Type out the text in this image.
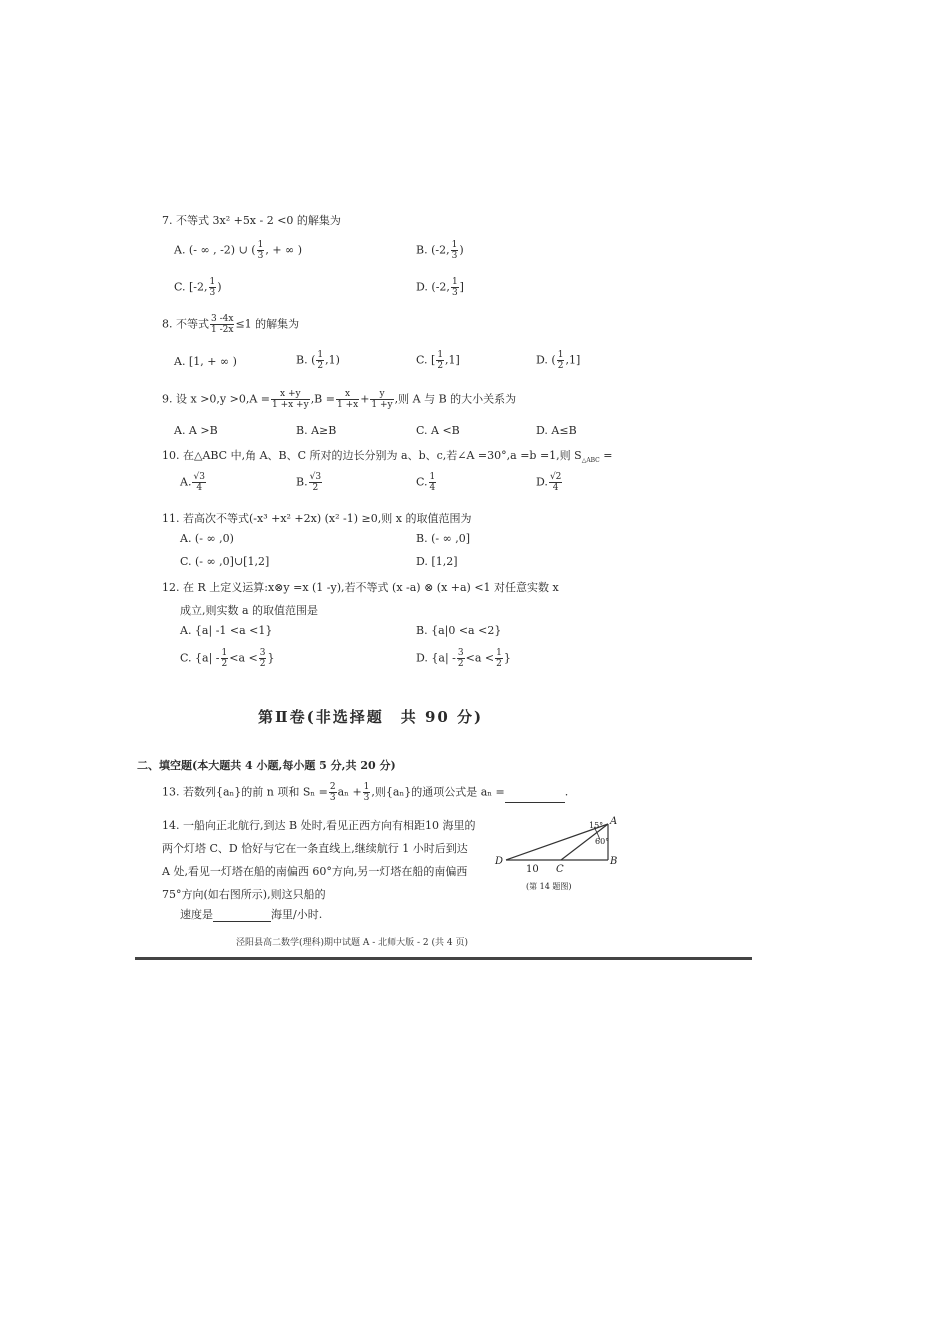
7. 不等式 3x² +5x - 2 <0 的解集为
A. (- ∞ , -2) ∪ ( $\frac{1}{3}$ , + ∞ )	B. (-2, $\frac{1}{3}$ )
C. [-2, $\frac{1}{3}$ )	D. (-2, $\frac{1}{3}$ ]
8. 不等式 $\frac{3 -4x}{1 -2x} \le 1$ 的解集为
A. [1, + ∞ )	B. ( $\frac{1}{2} ,1$)	C. [ $\frac{1}{2} ,1$]	D. ( $\frac{1}{2} ,1$]
9. 设 $x >0,y >0,A = \frac{x +y}{1 +x +y} ,B = \frac{x}{1 +x} + \frac{y}{1 +y}$ ,则 A 与 B 的大小关系为
A. A >B	B. A≥B	C. A <B	D. A≤B
10. 在△ABC 中,角 A、B、C 所对的边长分别为 a、b、c,若∠A =30°,a =b =1,则 $S_{\triangle ABC}$ =
A. $\frac{√3}{4}$	B. $\frac{√3}{2}$	C. $\frac{1}{4}$	D. $\frac{√2}{4}$
11. 若高次不等式(-x³ +x² +2x) (x² -1) ≥0,则 x 的取值范围为
A. (- ∞ ,0)	B. (- ∞ ,0]
C. (- ∞ ,0]∪[1,2]	D. [1,2]
12. 在 R 上定义运算:x⊗y =x (1 -y),若不等式 (x -a) ⊗ (x +a) <1 对任意实数 x
成立,则实数 a 的取值范围是
A. {a| -1 <a <1}	B. {a|0 <a <2}
C. {$a| - \frac{1}{2} <a < \frac{3}{2}$ }	D. {$a| - \frac{3}{2} <a < \frac{1}{2}$ }
第Ⅱ卷(非选择题　共 90 分)
二、填空题(本大题共 4 小题,每小题 5 分,共 20 分)
13. 若数列{aₙ}的前 n 项和 $S_n = \frac{2}{3}$ $a_n + \frac{1}{3}$ ,则{aₙ}的通项公式是 aₙ =	.
14. 一船向正北航行,到达 B 处时,看见正西方向有相距10 海里的两个灯塔 C、D 恰好与它在一条直线上,继续航行 1 小时后到达 A 处,看见一灯塔在船的南偏西 60°方向,另一灯塔在船的南偏西 75°方向(如右图所示),则这只船的
速度是	海里/小时.
A
B
C
D
15°
60°
10
(第 14 题图)
泾阳县高二数学(理科)期中试题 A - 北师大版 - 2 (共 4 页)
